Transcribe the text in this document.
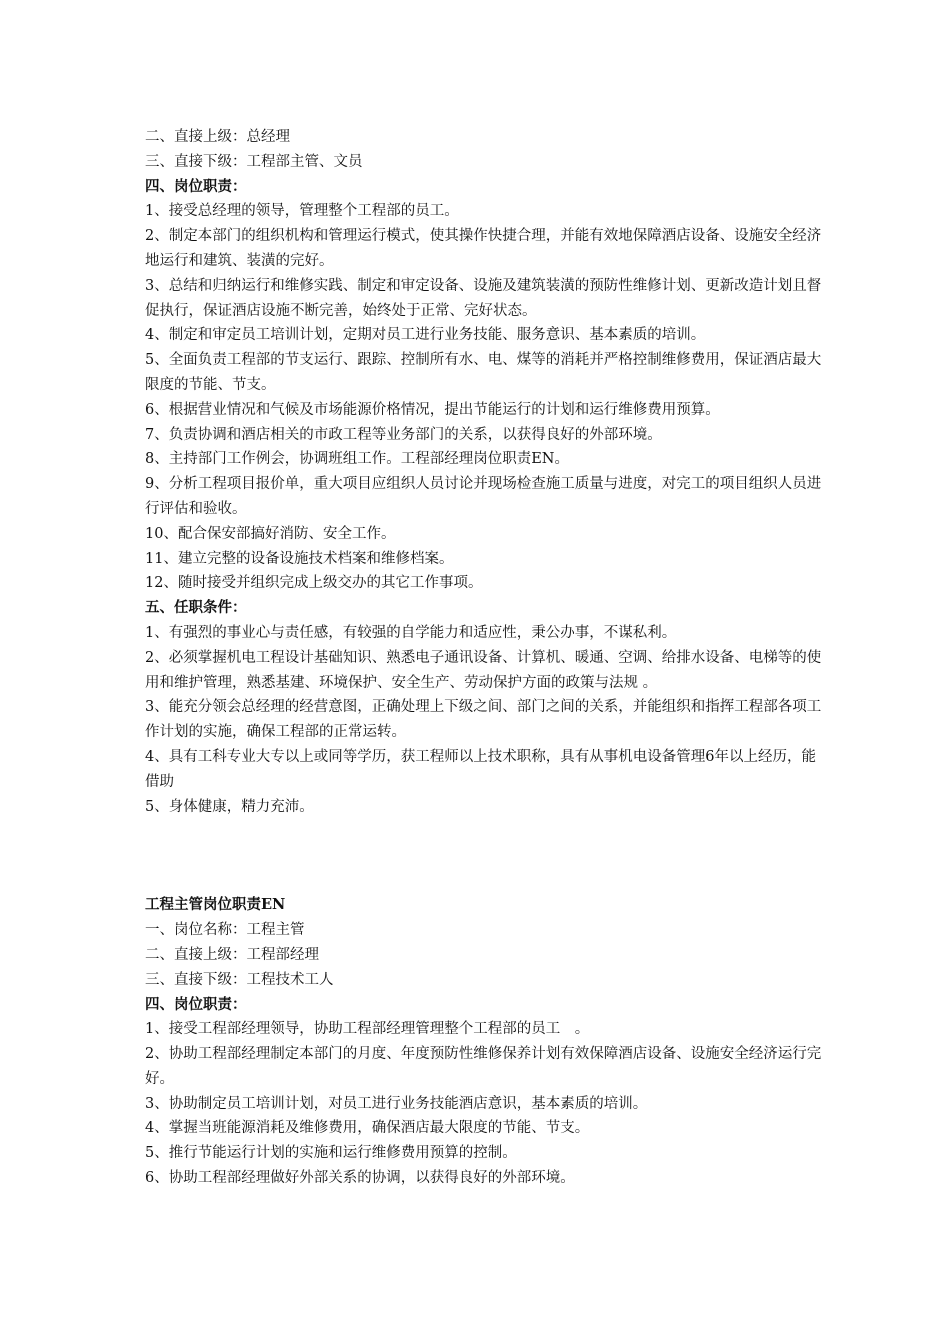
二、直接上级：总经理
三、直接下级：工程部主管、文员
四、岗位职责：
1、接受总经理的领导，管理整个工程部的员工。
2、制定本部门的组织机构和管理运行模式，使其操作快捷合理，并能有效地保障酒店设备、设施安全经济地运行和建筑、装潢的完好。
3、总结和归纳运行和维修实践、制定和审定设备、设施及建筑装潢的预防性维修计划、更新改造计划且督促执行，保证酒店设施不断完善，始终处于正常、完好状态。
4、制定和审定员工培训计划，定期对员工进行业务技能、服务意识、基本素质的培训。
5、全面负责工程部的节支运行、跟踪、控制所有水、电、煤等的消耗并严格控制维修费用，保证酒店最大限度的节能、节支。
6、根据营业情况和气候及市场能源价格情况，提出节能运行的计划和运行维修费用预算。
7、负责协调和酒店相关的市政工程等业务部门的关系，以获得良好的外部环境。
8、主持部门工作例会，协调班组工作。工程部经理岗位职责EN。
9、分析工程项目报价单，重大项目应组织人员讨论并现场检查施工质量与进度，对完工的项目组织人员进行评估和验收。
10、配合保安部搞好消防、安全工作。
11、建立完整的设备设施技术档案和维修档案。
12、随时接受并组织完成上级交办的其它工作事项。
五、任职条件：
1、有强烈的事业心与责任感，有较强的自学能力和适应性，秉公办事，不谋私利。
2、必须掌握机电工程设计基础知识、熟悉电子通讯设备、计算机、暖通、空调、给排水设备、电梯等的使用和维护管理，熟悉基建、环境保护、安全生产、劳动保护方面的政策与法规 。
3、能充分领会总经理的经营意图，正确处理上下级之间、部门之间的关系，并能组织和指挥工程部各项工作计划的实施，确保工程部的正常运转。
4、具有工科专业大专以上或同等学历，获工程师以上技术职称，具有从事机电设备管理6年以上经历，能借助
5、身体健康，精力充沛。
工程主管岗位职责EN
一、岗位名称：工程主管
二、直接上级：工程部经理
三、直接下级：工程技术工人
四、岗位职责：
1、接受工程部经理领导，协助工程部经理管理整个工程部的员工　。
2、协助工程部经理制定本部门的月度、年度预防性维修保养计划有效保障酒店设备、设施安全经济运行完好。
3、协助制定员工培训计划，对员工进行业务技能酒店意识，基本素质的培训。
4、掌握当班能源消耗及维修费用，确保酒店最大限度的节能、节支。
5、推行节能运行计划的实施和运行维修费用预算的控制。
6、协助工程部经理做好外部关系的协调，以获得良好的外部环境。
